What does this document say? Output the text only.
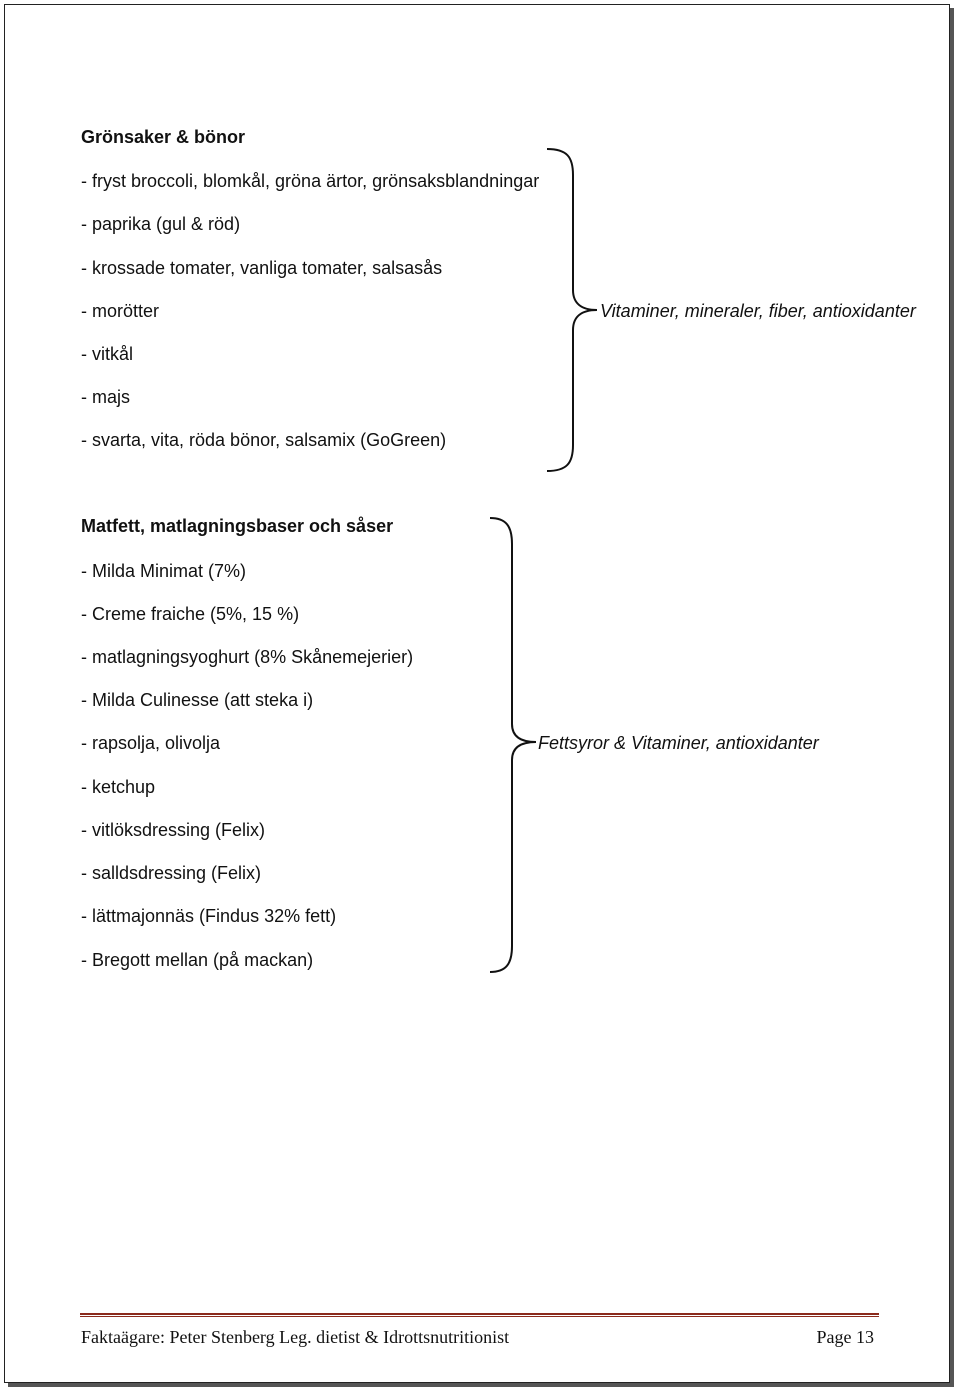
Grönsaker & bönor

- fryst broccoli, blomkål, gröna ärtor, grönsaksblandningar

- paprika (gul & röd)

- krossade tomater, vanliga tomater, salsasås

- morötter

- vitkål

- majs

- svarta, vita, röda bönor, salsamix (GoGreen)

Vitaminer, mineraler, fiber, antioxidanter

Matfett, matlagningsbaser och såser

- Milda Minimat (7%)

- Creme fraiche (5%, 15 %)

- matlagningsyoghurt (8% Skånemejerier)

- Milda Culinesse (att steka i)

- rapsolja, olivolja

- ketchup

- vitlöksdressing (Felix)

- salldsdressing (Felix)

- lättmajonnäs (Findus 32% fett)

- Bregott mellan (på mackan)

Fettsyror & Vitaminer, antioxidanter
Faktaägare: Peter Stenberg Leg. dietist & Idrottsnutritionist	Page 13
